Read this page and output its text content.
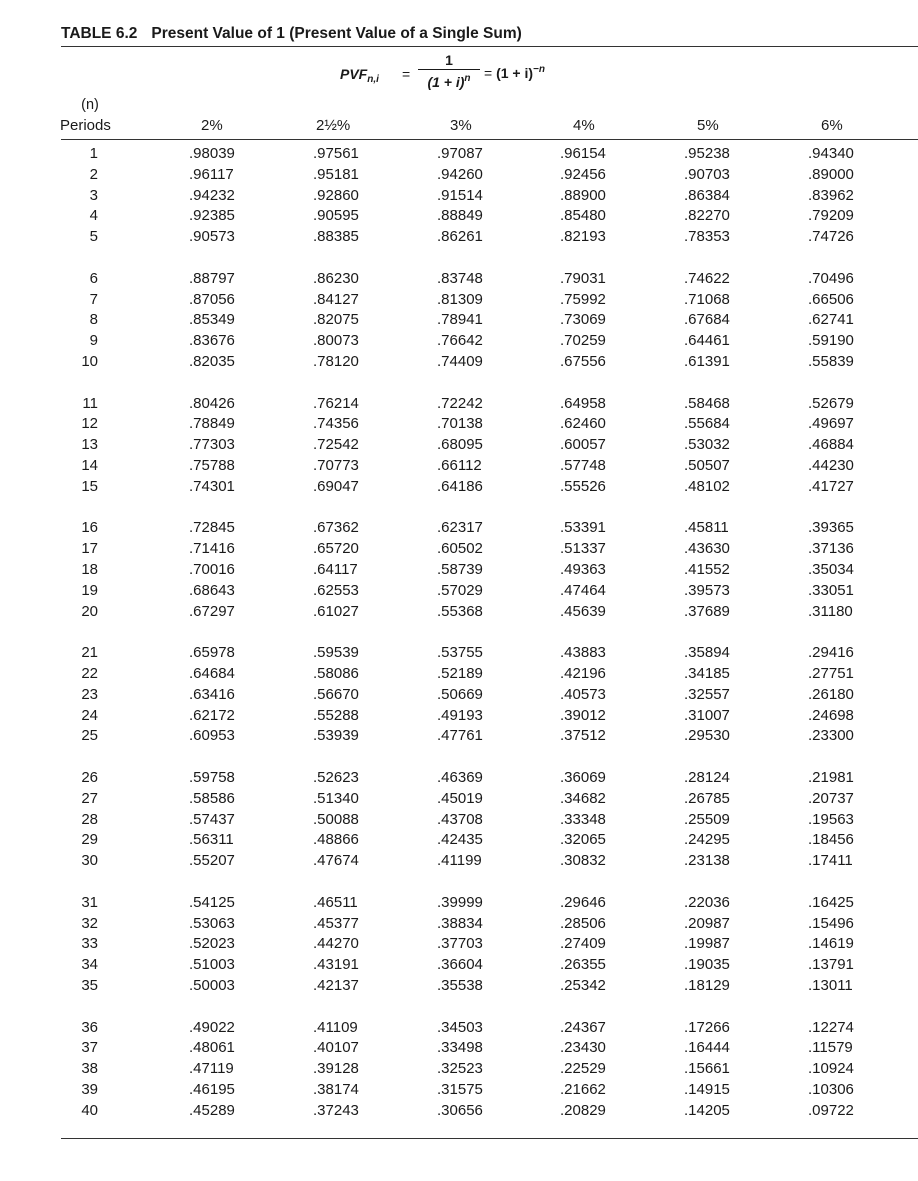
TABLE 6.2 Present Value of 1 (Present Value of a Single Sum)
$PVF_{n,i}$ =
1
$(1 + i)^n = (1 + i)^{-n}$
(n)
Periods	2%	2½%	3%	4%	5%	6%
1	.98039	.97561	.97087	.96154	.95238	.94340
2	.96117	.95181	.94260	.92456	.90703	.89000
3	.94232	.92860	.91514	.88900	.86384	.83962
4	.92385	.90595	.88849	.85480	.82270	.79209
5	.90573	.88385	.86261	.82193	.78353	.74726
6	.88797	.86230	.83748	.79031	.74622	.70496
7	.87056	.84127	.81309	.75992	.71068	.66506
8	.85349	.82075	.78941	.73069	.67684	.62741
9	.83676	.80073	.76642	.70259	.64461	.59190
10	.82035	.78120	.74409	.67556	.61391	.55839
11	.80426	.76214	.72242	.64958	.58468	.52679
12	.78849	.74356	.70138	.62460	.55684	.49697
13	.77303	.72542	.68095	.60057	.53032	.46884
14	.75788	.70773	.66112	.57748	.50507	.44230
15	.74301	.69047	.64186	.55526	.48102	.41727
16	.72845	.67362	.62317	.53391	.45811	.39365
17	.71416	.65720	.60502	.51337	.43630	.37136
18	.70016	.64117	.58739	.49363	.41552	.35034
19	.68643	.62553	.57029	.47464	.39573	.33051
20	.67297	.61027	.55368	.45639	.37689	.31180
21	.65978	.59539	.53755	.43883	.35894	.29416
22	.64684	.58086	.52189	.42196	.34185	.27751
23	.63416	.56670	.50669	.40573	.32557	.26180
24	.62172	.55288	.49193	.39012	.31007	.24698
25	.60953	.53939	.47761	.37512	.29530	.23300
26	.59758	.52623	.46369	.36069	.28124	.21981
27	.58586	.51340	.45019	.34682	.26785	.20737
28	.57437	.50088	.43708	.33348	.25509	.19563
29	.56311	.48866	.42435	.32065	.24295	.18456
30	.55207	.47674	.41199	.30832	.23138	.17411
31	.54125	.46511	.39999	.29646	.22036	.16425
32	.53063	.45377	.38834	.28506	.20987	.15496
33	.52023	.44270	.37703	.27409	.19987	.14619
34	.51003	.43191	.36604	.26355	.19035	.13791
35	.50003	.42137	.35538	.25342	.18129	.13011
36	.49022	.41109	.34503	.24367	.17266	.12274
37	.48061	.40107	.33498	.23430	.16444	.11579
38	.47119	.39128	.32523	.22529	.15661	.10924
39	.46195	.38174	.31575	.21662	.14915	.10306
40	.45289	.37243	.30656	.20829	.14205	.09722
